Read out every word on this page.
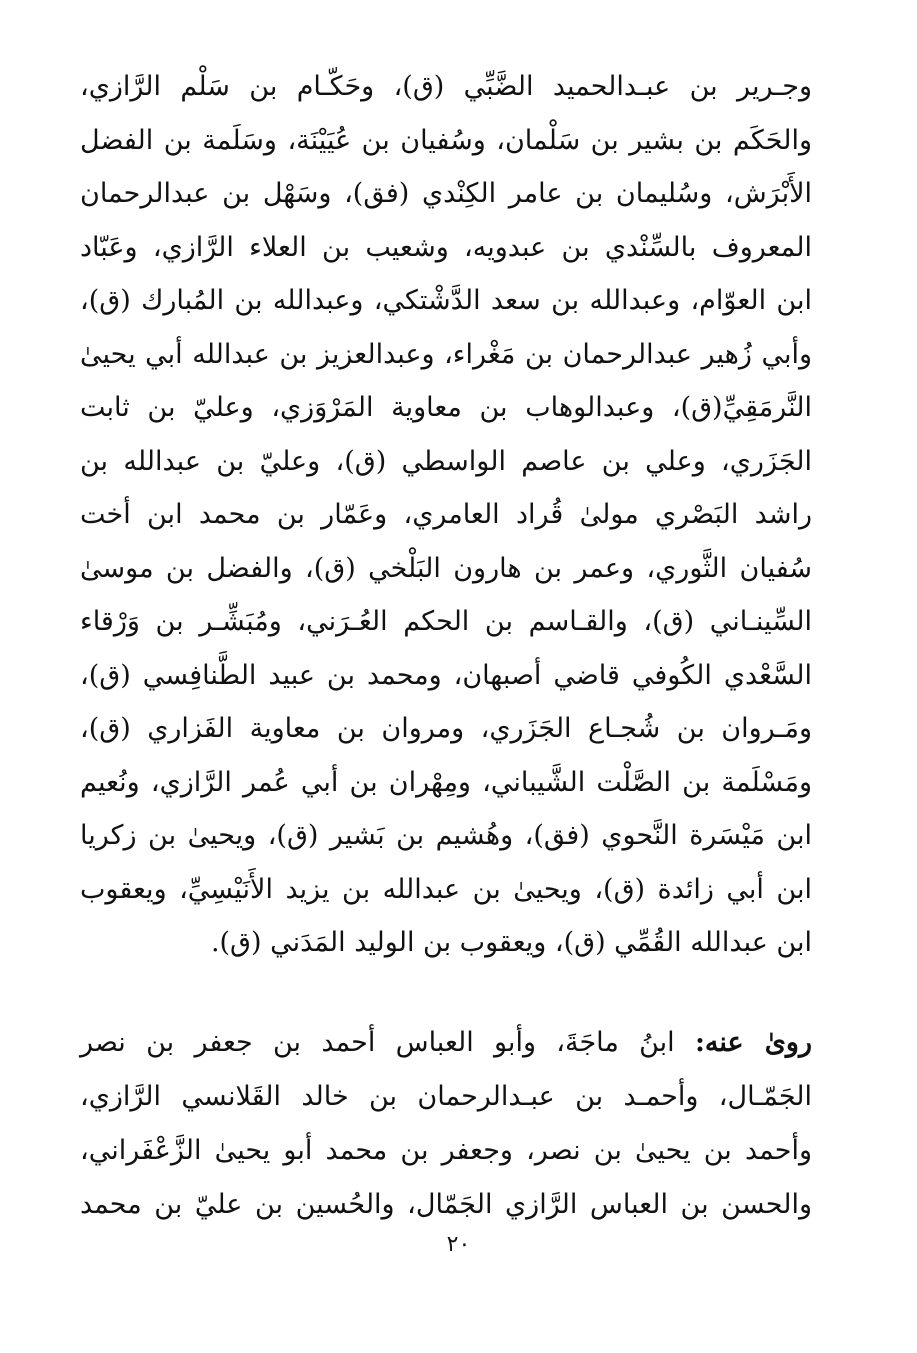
وجـرير بن عبـدالحميد الضَّبِّي (ق)، وحَكّـام بن سَلْم الرَّازي،
والحَكَم بن بشير بن سَلْمان، وسُفيان بن عُيَيْنَة، وسَلَمة بن الفضل
الأَبْرَش، وسُليمان بن عامر الكِنْدي (فق)، وسَهْل بن عبدالرحمان
المعروف بالسِّنْدي بن عبدويه، وشعيب بن العلاء الرَّازي، وعَبّاد
ابن العوّام، وعبدالله بن سعد الدَّشْتكي، وعبدالله بن المُبارك (ق)،
وأبي زُهير عبدالرحمان بن مَغْراء، وعبدالعزيز بن عبدالله أبي يحيىٰ
النَّرمَقِيِّ(ق)، وعبدالوهاب بن معاوية المَرْوَزي، وعليّ بن ثابت
الجَزَري، وعلي بن عاصم الواسطي (ق)، وعليّ بن عبدالله بن
راشد البَصْري مولىٰ قُراد العامري، وعَمّار بن محمد ابن أخت
سُفيان الثَّوري، وعمر بن هارون البَلْخي (ق)، والفضل بن موسىٰ
السِّينـاني (ق)، والقـاسم بن الحكم العُـرَني، ومُبَشِّـر بن وَرْقاء
السَّعْدي الكُوفي قاضي أصبهان، ومحمد بن عبيد الطَّنافِسي (ق)،
ومَـروان بن شُجـاع الجَزَري، ومروان بن معاوية الفَزاري (ق)،
ومَسْلَمة بن الصَّلْت الشَّيباني، ومِهْران بن أبي عُمر الرَّازي، ونُعيم
ابن مَيْسَرة النَّحوي (فق)، وهُشيم بن بَشير (ق)، ويحيىٰ بن زكريا
ابن أبي زائدة (ق)، ويحيىٰ بن عبدالله بن يزيد الأَنَيْسِيِّ، ويعقوب
ابن عبدالله القُمِّي (ق)، ويعقوب بن الوليد المَدَني (ق).
روىٰ عنه: ابنُ ماجَةَ، وأبو العباس أحمد بن جعفر بن نصر
الجَمّـال، وأحمـد بن عبـدالرحمان بن خالد القَلانسي الرَّازي،
وأحمد بن يحيىٰ بن نصر، وجعفر بن محمد أبو يحيىٰ الزَّعْفَراني،
والحسن بن العباس الرَّازي الجَمّال، والحُسين بن عليّ بن محمد
٢٠
